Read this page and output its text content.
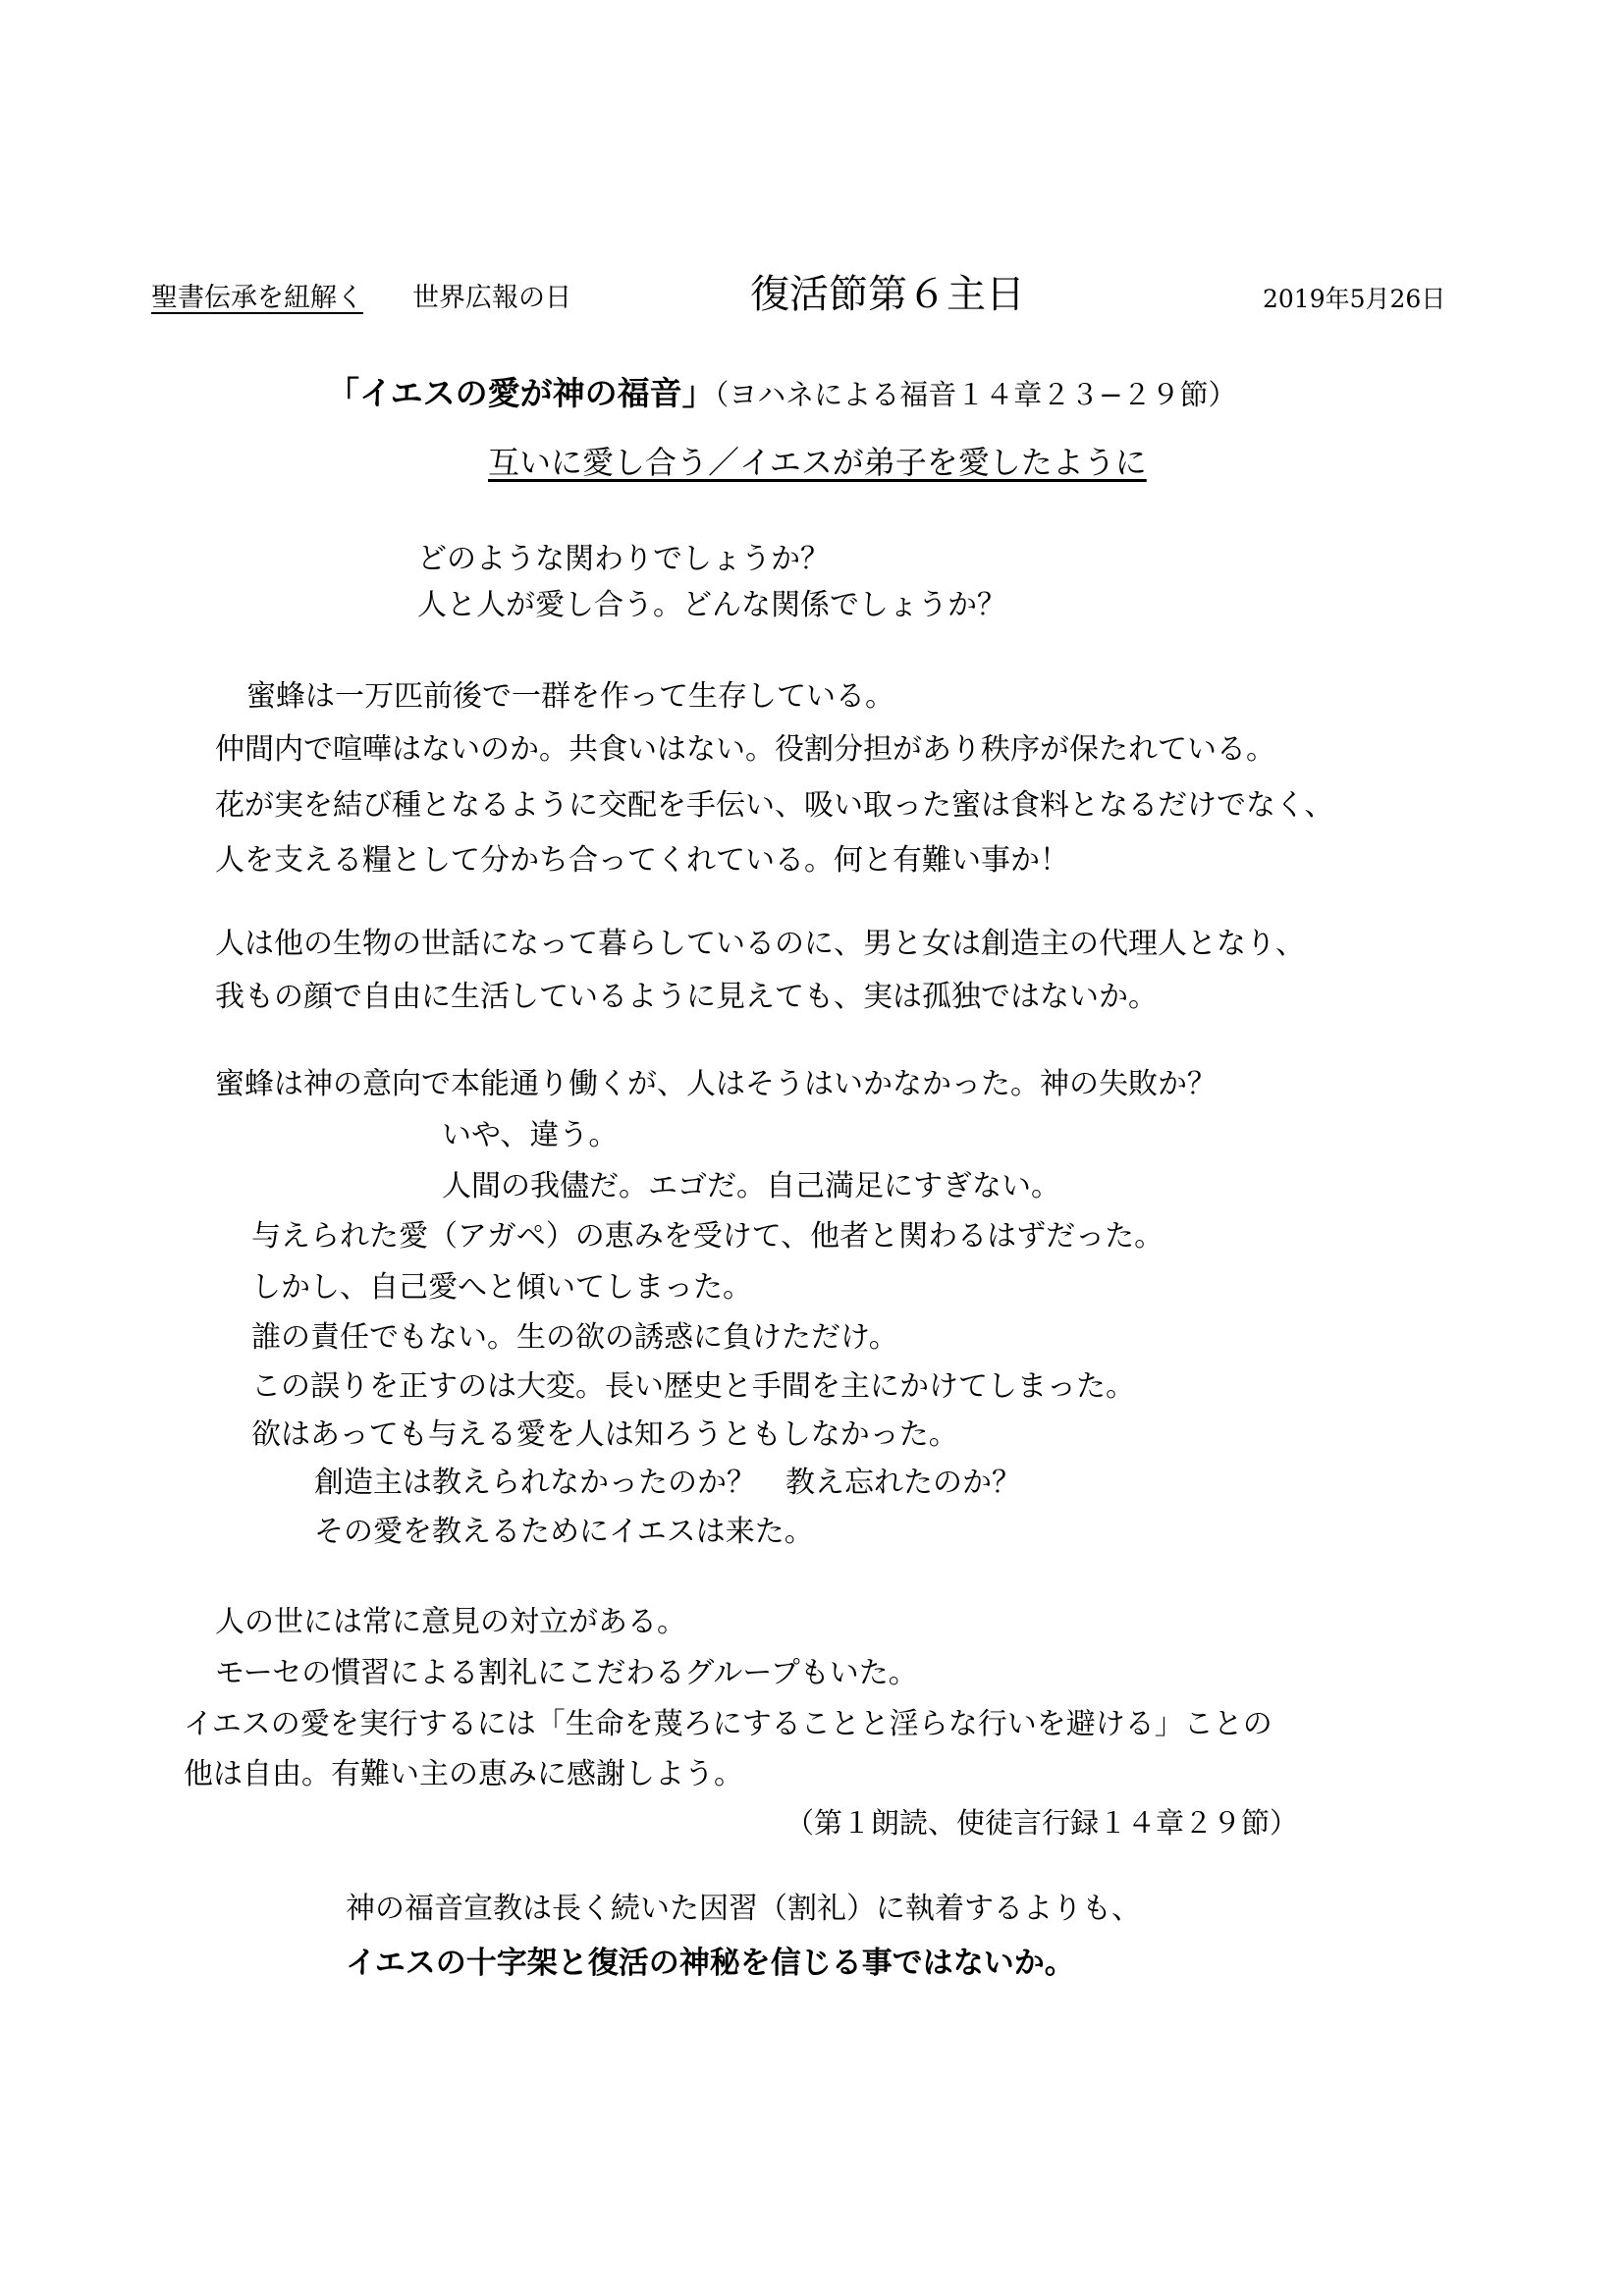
聖書伝承を紐解く 世界広報の日	復活節第６主日	2019年5月26日
「イエスの愛が神の福音」（ヨハネによる福音１４章２３−２９節）
互いに愛し合う／イエスが弟子を愛したように
どのような関わりでしょうか？
人と人が愛し合う。どんな関係でしょうか？
蜜蜂は一万匹前後で一群を作って生存している。
仲間内で喧嘩はないのか。共食いはない。役割分担があり秩序が保たれている。
花が実を結び種となるように交配を手伝い、吸い取った蜜は食料となるだけでなく、
人を支える糧として分かち合ってくれている。何と有難い事か！
人は他の生物の世話になって暮らしているのに、男と女は創造主の代理人となり、
我もの顔で自由に生活しているように見えても、実は孤独ではないか。
蜜蜂は神の意向で本能通り働くが、人はそうはいかなかった。神の失敗か？
いや、違う。
人間の我儘だ。エゴだ。自己満足にすぎない。
与えられた愛（アガペ）の恵みを受けて、他者と関わるはずだった。
しかし、自己愛へと傾いてしまった。
誰の責任でもない。生の欲の誘惑に負けただけ。
この誤りを正すのは大変。長い歴史と手間を主にかけてしまった。
欲はあっても与える愛を人は知ろうともしなかった。
創造主は教えられなかったのか？　教え忘れたのか？
その愛を教えるためにイエスは来た。
人の世には常に意見の対立がある。
モーセの慣習による割礼にこだわるグループもいた。
イエスの愛を実行するには「生命を蔑ろにすることと淫らな行いを避ける」ことの
他は自由。有難い主の恵みに感謝しよう。
（第１朗読、使徒言行録１４章２９節）
神の福音宣教は長く続いた因習（割礼）に執着するよりも、
イエスの十字架と復活の神秘を信じる事ではないか。
